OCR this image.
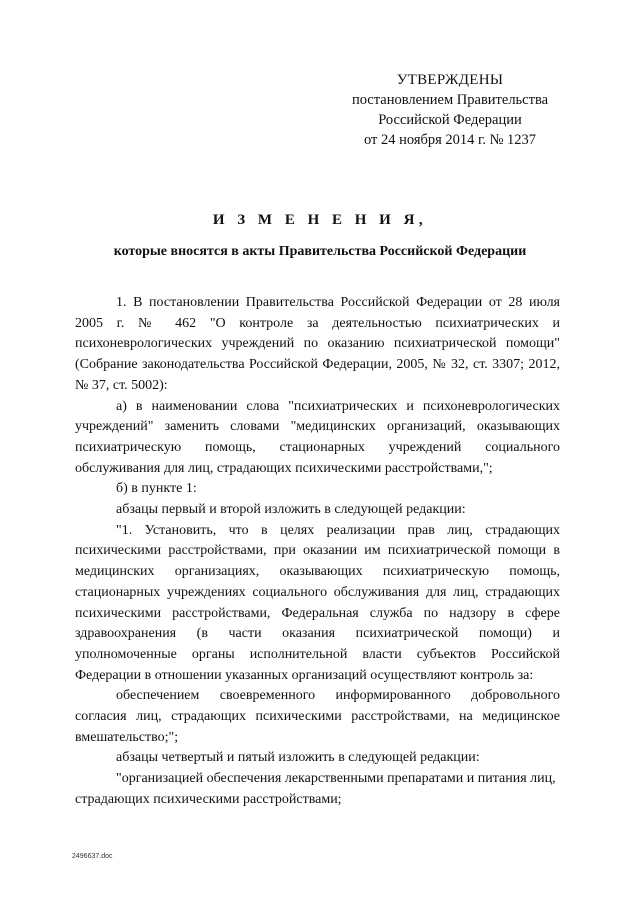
УТВЕРЖДЕНЫ
постановлением Правительства
Российской Федерации
от 24 ноября 2014 г. № 1237
И З М Е Н Е Н И Я,
которые вносятся в акты Правительства Российской Федерации

1. В постановлении Правительства Российской Федерации от 28 июля 2005 г. № 462 "О контроле за деятельностью психиатрических и психоневрологических учреждений по оказанию психиатрической помощи" (Собрание законодательства Российской Федерации, 2005, № 32, ст. 3307; 2012, № 37, ст. 5002):

а) в наименовании слова "психиатрических и психоневрологических учреждений" заменить словами "медицинских организаций, оказывающих психиатрическую помощь, стационарных учреждений социального обслуживания для лиц, страдающих психическими расстройствами,";

б) в пункте 1:

абзацы первый и второй изложить в следующей редакции:

"1. Установить, что в целях реализации прав лиц, страдающих психическими расстройствами, при оказании им психиатрической помощи в медицинских организациях, оказывающих психиатрическую помощь, стационарных учреждениях социального обслуживания для лиц, страдающих психическими расстройствами, Федеральная служба по надзору в сфере здравоохранения (в части оказания психиатрической помощи) и уполномоченные органы исполнительной власти субъектов Российской Федерации в отношении указанных организаций осуществляют контроль за:

обеспечением своевременного информированного добровольного согласия лиц, страдающих психическими расстройствами, на медицинское вмешательство;";

абзацы четвертый и пятый изложить в следующей редакции:

"организацией обеспечения лекарственными препаратами и питания лиц, страдающих психическими расстройствами;

2496637.doc
